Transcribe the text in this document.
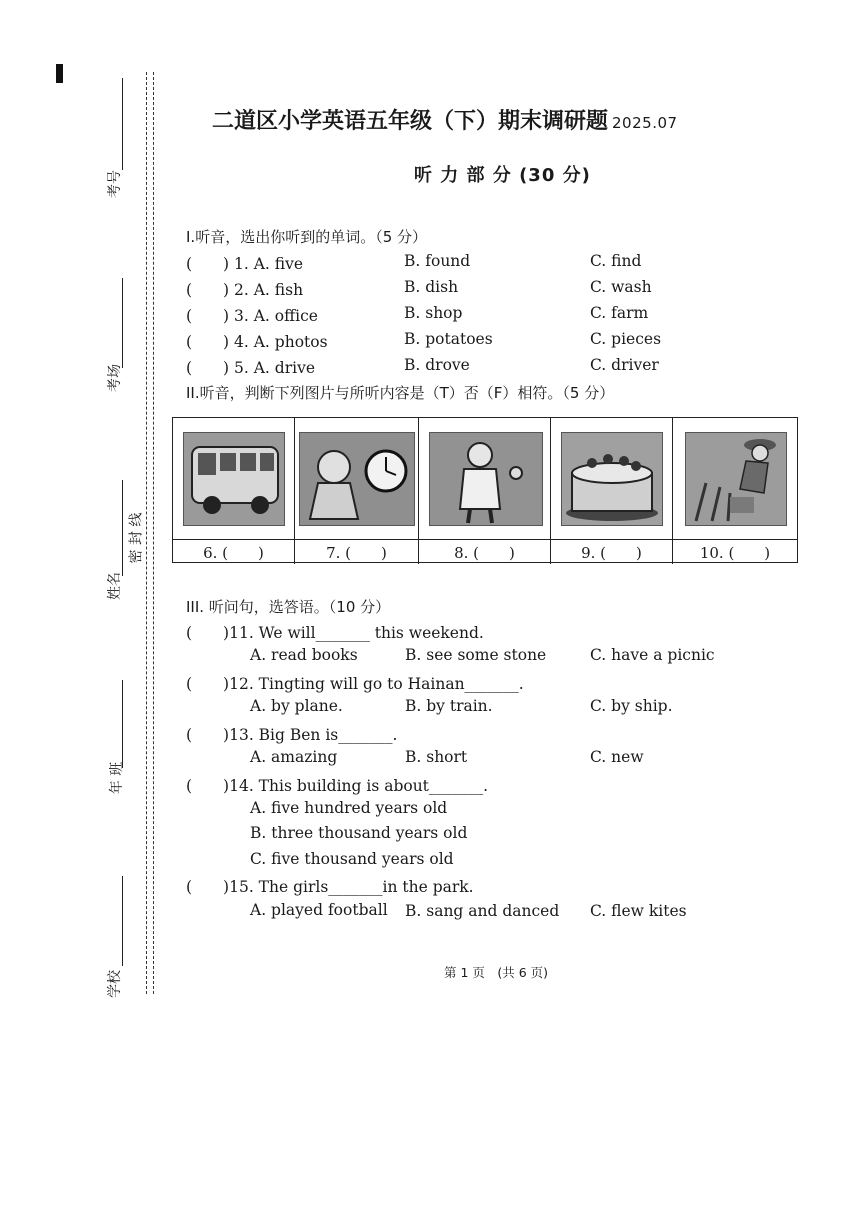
考号
考场
姓名
密 封 线
年 班
学校
二道区小学英语五年级（下）期末调研题 2025.07
听 力 部 分 (30 分)
I.听音，选出你听到的单词。（5 分）
(　　) 1. A. five	B. found	C. find
(　　) 2. A. fish	B. dish	C. wash
(　　) 3. A. office	B. shop	C. farm
(　　) 4. A. photos	B. potatoes	C. pieces
(　　) 5. A. drive	B. drove	C. driver
II.听音，判断下列图片与所听内容是（T）否（F）相符。（5 分）
6. (　　)	7. (　　)	8. (　　)	9. (　　)	10. (　　)
III. 听问句，选答语。（10 分）
(　　)11. We will_______ this weekend.
A. read books	B. see some stone	C. have a picnic
(　　)12. Tingting will go to Hainan_______.
A. by plane.	B. by train.	C. by ship.
(　　)13. Big Ben is_______.
A. amazing	B. short	C. new
(　　)14. This building is about_______.
A. five hundred years old
B. three thousand years old
C. five thousand years old
(　　)15. The girls_______in the park.
A. played football B. sang and danced C. flew kites
第 1 页　(共 6 页)
